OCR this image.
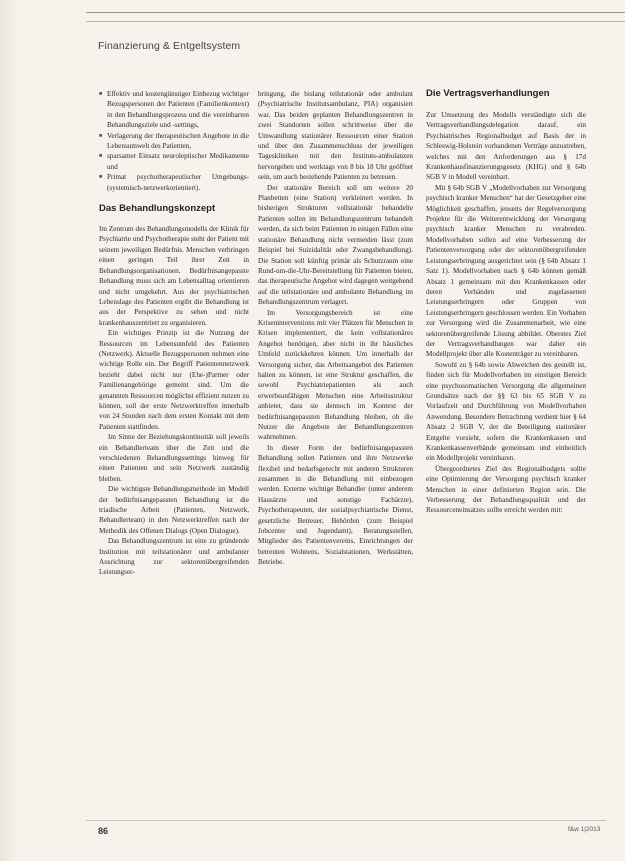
Finanzierung & Entgeltsystem

■ Effektiv und kostengünstiger Einbezug wichtiger Bezugspersonen der Patienten (Familienkontext) in den Behandlungsprozess und die vereinbarten Behandlungsziele und -settings,

■ Verlagerung der therapeutischen Angebote in die Lebensumwelt des Patienten,

■ sparsamer Einsatz neuroleptischer Medikamente und

■ Primat psychotherapeutischer Umgebungs-(systemisch-netzwerkorientiert).

Das Behandlungskonzept

Im Zentrum des Behandlungsmodells der Klinik für Psychiatrie und Psychotherapie steht der Patient mit seinem jeweiligen Bedürfnis. Menschen verbringen einen geringen Teil ihrer Zeit in Behandlungsorganisationen. Bedürfnisangepasste Behandlung muss sich am Lebensalltag orientieren und nicht umgekehrt. Aus der psychiatrischen Lebenslage des Patienten ergibt die Behandlung ist aus der Perspektive zu sehen und nicht krankenhauszentriert zu organisieren.

Ein wichtiges Prinzip ist die Nutzung der Ressourcen im Lebensumfeld des Patienten (Netzwerk). Aktuelle Bezugspersonen nehmen eine wichtige Rolle ein. Der Begriff Patientennetzwerk bezieht dabei nicht nur (Ehe-)Partner oder Familienangehörige gemeint sind. Um die genannten Ressourcen möglichst effizient nutzen zu können, soll der erste Netzwerktreffen innerhalb von 24 Stunden nach dem ersten Kontakt mit dem Patienten stattfinden.

Im Sinne der Beziehungskontinuität soll jeweils ein Behandlerteam über die Zeit und die verschiedenen Behandlungssettings hinweg für einen Patienten und sein Netzwerk zuständig bleiben.

Die wichtigste Behandlungsmethode im Modell der bedürfnisangepassten Behandlung ist die triadische Arbeit (Patienten, Netzwerk, Behandlerteam) in den Netzwerktreffen nach der Methodik des Offenen Dialogs (Open Dialogue).

Das Behandlungszentrum ist eine zu gründende Institution mit teilstationärer und ambulanter Ausrichtung zur sektorenübergreifenden Leistungser-

bringung, die bislang teilstationär oder ambulant (Psychiatrische Institutsambulanz, PIA) organisiert war. Das beiden geplanten Behandlungszentren in zwei Standorten sollen schrittweise über die Umwandlung stationärer Ressourcen einer Station und über den Zusammenschluss der jeweiligen Tageskliniken mit den Instituts-ambulanzen hervorgehen und werktags von 8 bis 18 Uhr geöffnet sein, um auch bestehende Patienten zu betreuen.

Der stationäre Bereich soll um weitere 20 Planbetten (eine Station) verkleinert werden. In bisherigen Strukturen vollstationär behandelte Patienten sollen im Behandlungszentrum behandelt werden, da sich beim Patienten in einigen Fällen eine stationäre Behandlung nicht vermeiden lässt (zum Beispiel bei Suizidalität oder Zwangsbehandlung). Die Station soll künftig primär als Schutzraum eine Rund-um-die-Uhr-Bereitstellung für Patienten bieten, das therapeutische Angebot wird dagegen weitgehend auf die teilstationäre und ambulante Behandlung im Behandlungszentrum verlagert.

Im Versorgungsbereich ist eine Kriseninterventions mit vier Plätzen für Menschen in Krisen implementiert, die kein vollstationäres Angebot benötigen, aber nicht in ihr häusliches Umfeld zurückkehren können. Um innerhalb der Versorgung sicher, das Arbeitsangebot des Patienten halten zu können, ist eine Struktur geschaffen, die sowohl Psychiatriepatienten als auch erwerbsunfähigen Menschen eine Arbeitsstruktur anbietet, dass sie dennoch im Kontext der bedürfnisangepassten Behandlung bleiben, ob die Nutzer die Angebote der Behandlungszentren wahrnehmen.

In dieser Form der bedürfnisangepassten Behandlung sollen Patienten und ihre Netzwerke flexibel und bedarfsgerecht mit anderen Strukturen zusammen in die Behandlung mit einbezogen werden. Externe wichtige Behandler (unter anderem Hausärzte und sonstige Fachärzte), Psychotherapeuten, der sozialpsychiatrische Dienst, gesetzliche Betreuer, Behörden (zum Beispiel Jobcenter und Jugendamt), Beratungsstellen, Mitglieder des Patientenvereins, Einrichtungen der betreuten Wohnens, Sozialstationen, Werkstätten, Betriebe.

Die Vertragsverhandlungen

Zur Umsetzung des Modells verständigte sich die Vertragsverhandlungsdelegation darauf, ein Psychiatrisches Regionalbudget auf Basis der in Schleswig-Holstein vorhandenen Verträge anzustreben, welches mit den Anforderungen aus § 17d Krankenhausfinanzierungsgesetz (KHG) und § 64b SGB V in Modell vereinbart.

Mit § 64b SGB V „Modellvorhaben zur Versorgung psychisch kranker Menschen“ hat der Gesetzgeber eine Möglichkeit geschaffen, jenseits der Regelversorgung Projekte für die Weiterentwicklung der Versorgung psychisch kranker Menschen zu verabreden. Modellvorhaben sollen auf eine Verbesserung der Patientenversorgung oder der sektorenübergreifenden Leistungserbringung ausgerichtet sein (§ 64b Absatz 1 Satz 1). Modellvorhaben nach § 64b können gemäß Absatz 1 gemeinsam mit den Krankenkassen oder deren Verbänden und zugelassenen Leistungserbringern oder Gruppen von Leistungserbringern geschlossen werden. Ein Vorhaben zur Versorgung wird die Zusammenarbeit, wie eine sektorenübergreifende Lösung abbildet. Oberstes Ziel der Vertragsverhandlungen war daher ein Modellprojekt über alle Kostenträger zu vereinbaren.

Sowohl zu § 64b sowie Abweichen des gestellt ist, finden sich für Modellvorhaben im einstigen Bereich eine psychosomatischen Versorgung die allgemeinen Grundsätze nach der §§ 63 bis 65 SGB V zu Vorlaufzeit und Durchführung von Modellvorhaben Anwendung. Besondere Betrachtung verdient hier § 64 Absatz 2 SGB V, der die Beteiligung stationärer Entgelte vorsieht, sofern die Krankenkassen und Krankenkassenverbände gemeinsam und einheitlich ein Modellprojekt vereinbaren.

Übergeordnetes Ziel des Regionalbudgets sollte eine Optimierung der Versorgung psychisch kranker Menschen in einer definierten Region sein. Die Verbesserung der Behandlungsqualität und der Ressourceneinsatzes sollte erreicht werden mit:

86	f&w 1|2013
